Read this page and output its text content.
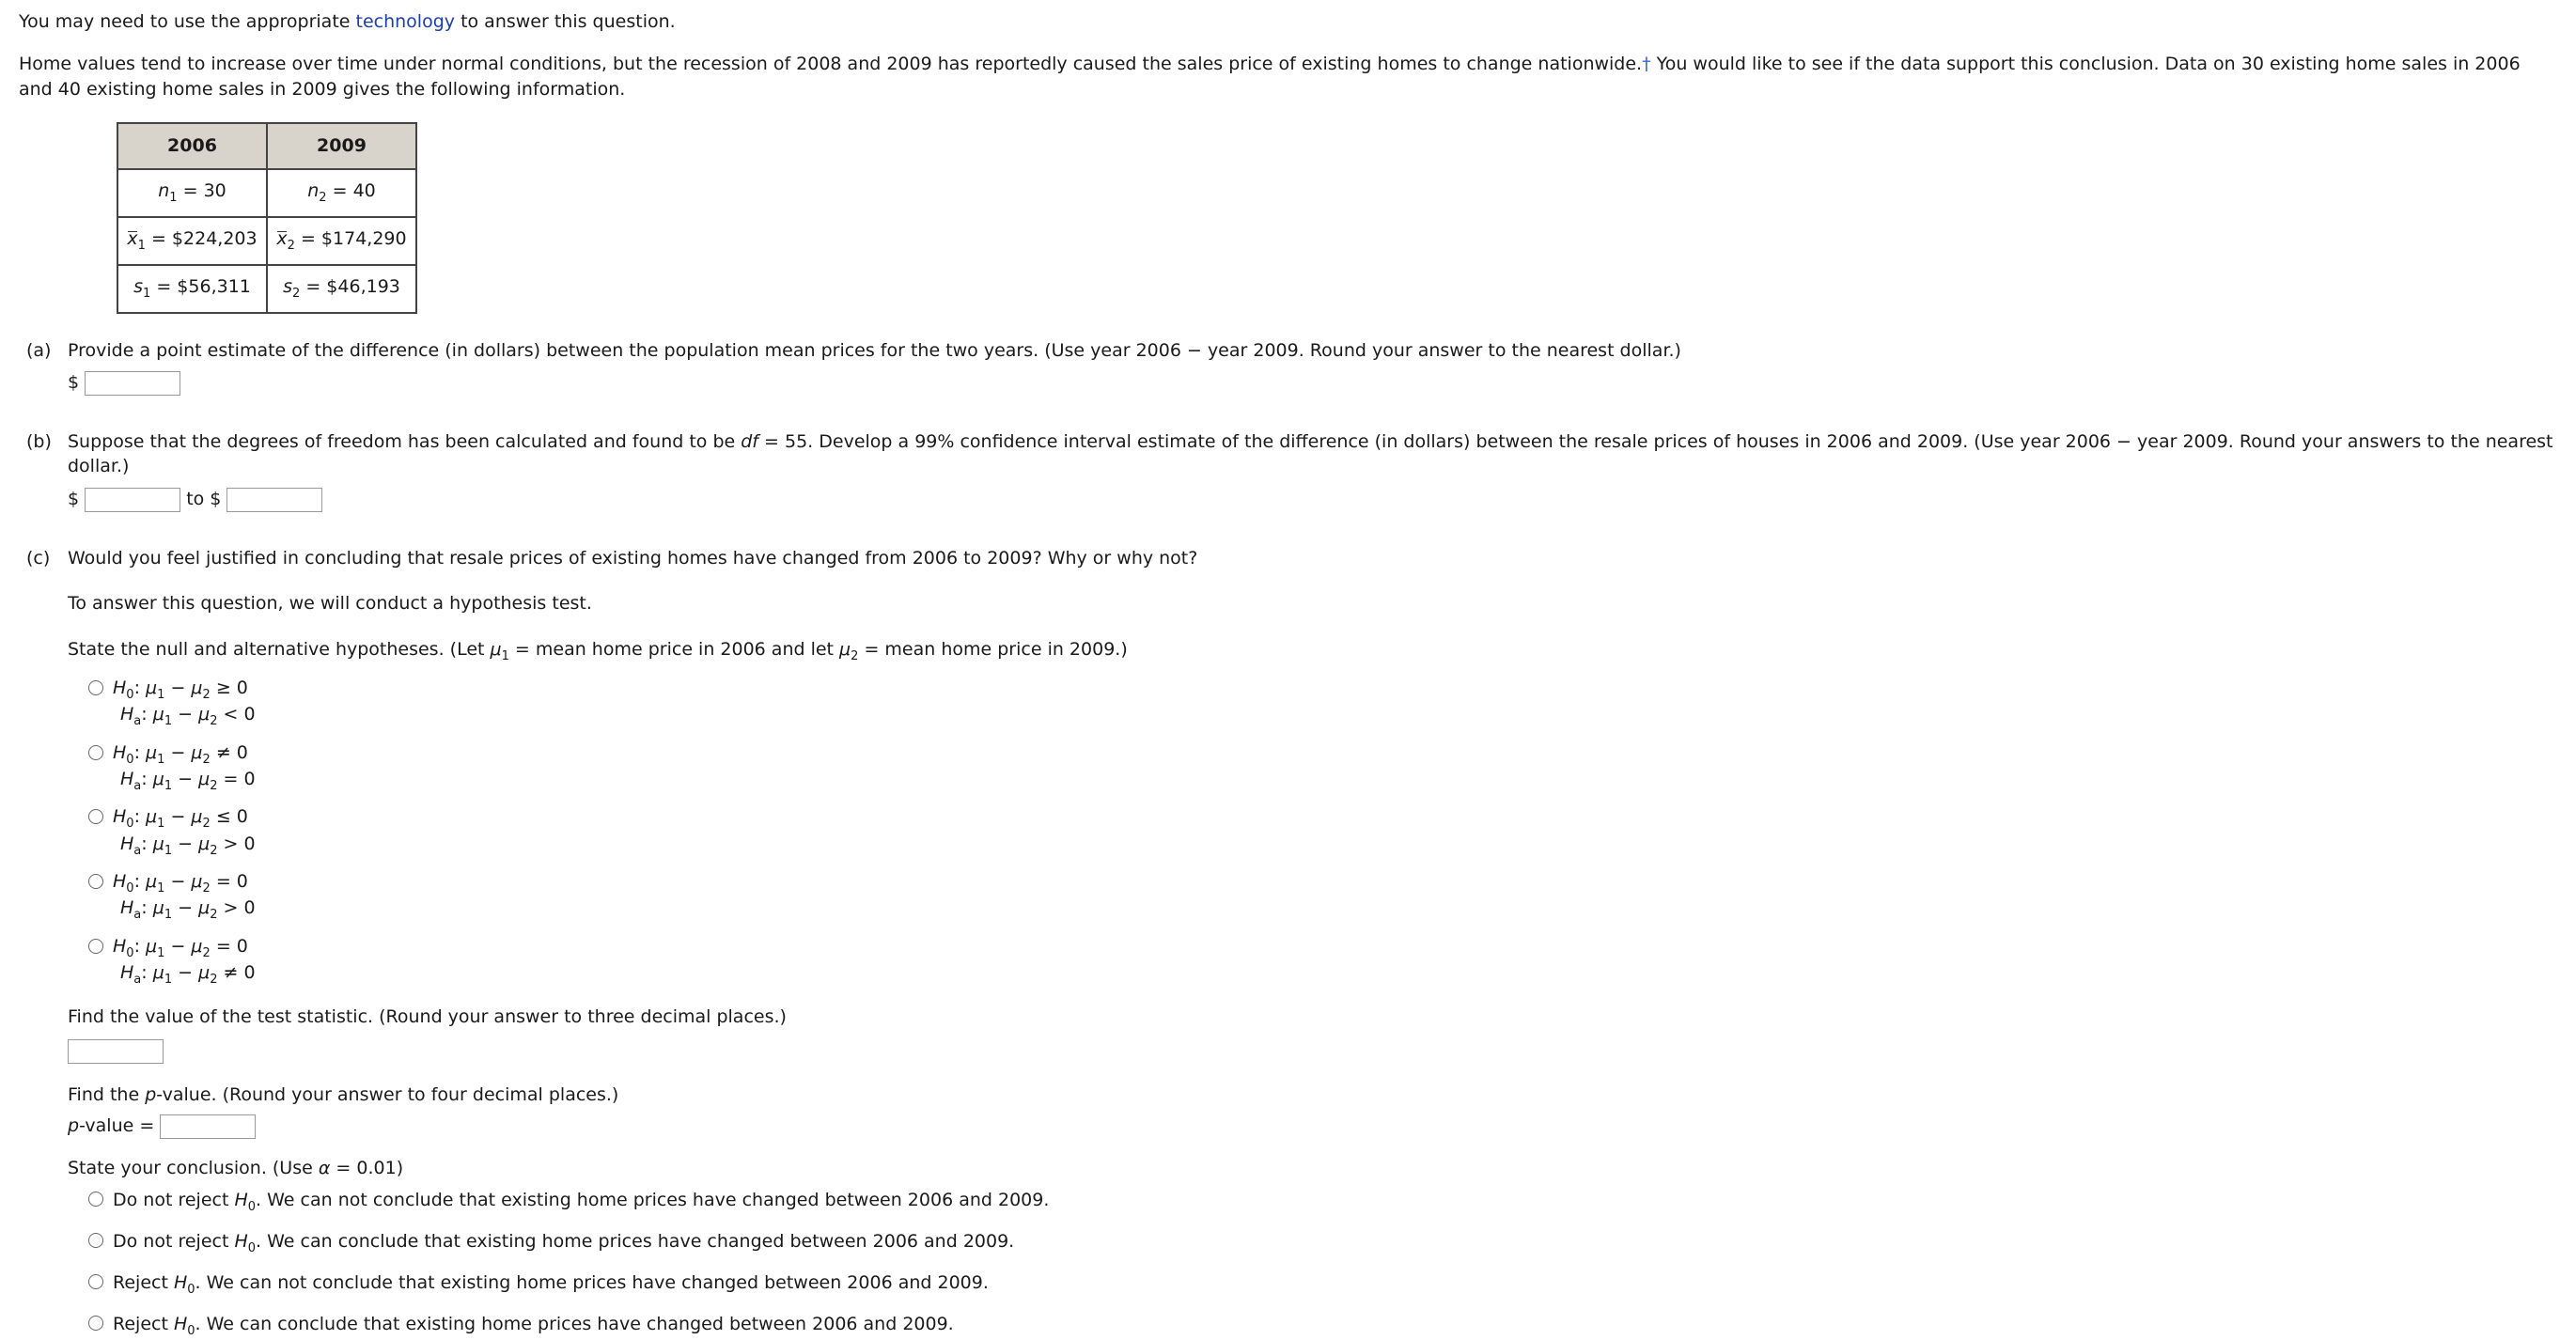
You may need to use the appropriate technology to answer this question.
Home values tend to increase over time under normal conditions, but the recession of 2008 and 2009 has reportedly caused the sales price of existing homes to change nationwide.† You would like to see if the data support this conclusion. Data on 30 existing home sales in 2006 and 40 existing home sales in 2009 gives the following information.
2006	2009
$n_1 = 30$	$n_2 = 40$
$x_1$ = $224,203	$x_2$ = $174,290
$s_1$ = $56,311	$s_2$ = $46,193
(a) Provide a point estimate of the difference (in dollars) between the population mean prices for the two years. (Use year 2006 − year 2009. Round your answer to the nearest dollar.)
$
(b) Suppose that the degrees of freedom has been calculated and found to be df = 55. Develop a 99% confidence interval estimate of the difference (in dollars) between the resale prices of houses in 2006 and 2009. (Use year 2006 − year 2009. Round your answers to the nearest dollar.)
$	to $
(c) Would you feel justified in concluding that resale prices of existing homes have changed from 2006 to 2009? Why or why not?
To answer this question, we will conduct a hypothesis test.
State the null and alternative hypotheses. (Let $\mu_1$ = mean home price in 2006 and let $\mu_2$ = mean home price in 2009.)
$H_0$: $\mu_1 - \mu_2 \ge 0$
$H_a$: $\mu_1 - \mu_2 < 0$
$H_0$: $\mu_1 - \mu_2 \ne 0$
$H_a$: $\mu_1 - \mu_2 = 0$
$H_0$: $\mu_1 - \mu_2 \le 0$
$H_a$: $\mu_1 - \mu_2 > 0$
$H_0$: $\mu_1 - \mu_2 = 0$
$H_a$: $\mu_1 - \mu_2 > 0$
$H_0$: $\mu_1 - \mu_2 = 0$
$H_a$: $\mu_1 - \mu_2 \ne 0$
Find the value of the test statistic. (Round your answer to three decimal places.)
Find the p-value. (Round your answer to four decimal places.)
p-value =
State your conclusion. (Use α = 0.01)
Do not reject $H_0$. We can not conclude that existing home prices have changed between 2006 and 2009.
Do not reject $H_0$. We can conclude that existing home prices have changed between 2006 and 2009.
Reject $H_0$. We can not conclude that existing home prices have changed between 2006 and 2009.
Reject $H_0$. We can conclude that existing home prices have changed between 2006 and 2009.
